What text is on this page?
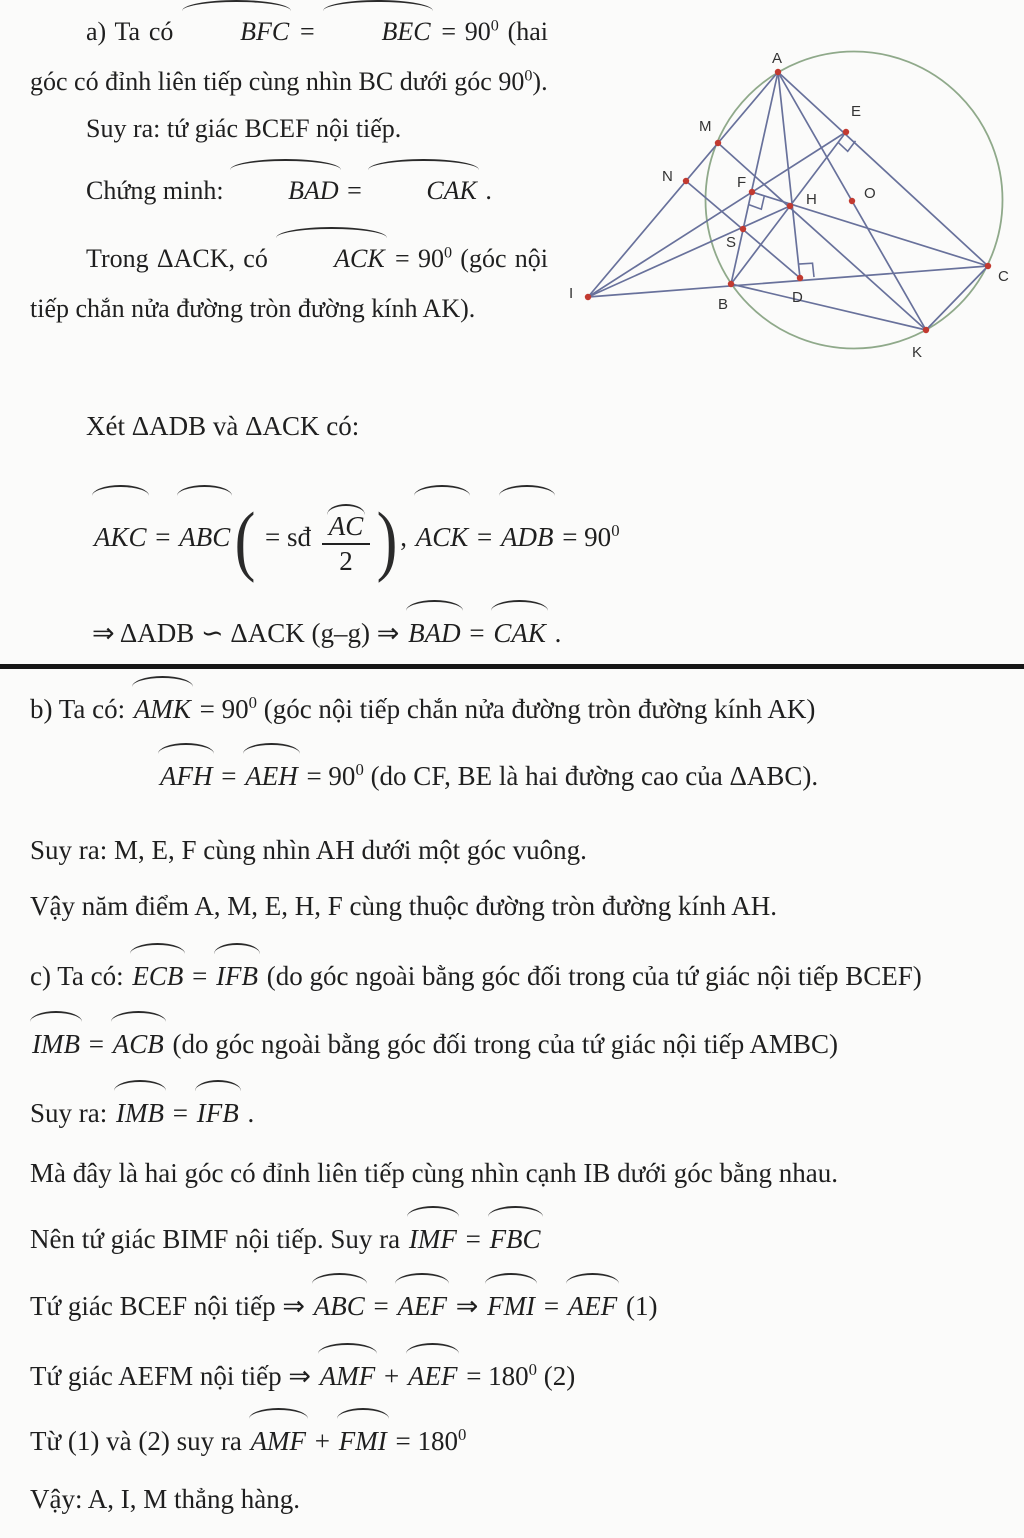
a) Ta có BFC = BEC = $90^0$ (hai góc có đỉnh liên tiếp cùng nhìn BC dưới góc $90^0$).
Suy ra: tứ giác BCEF nội tiếp.
Chứng minh: BAD = CAK .
Trong ΔACK, có ACK = $90^0$ (góc nội tiếp chắn nửa đường tròn đường kính AK).
Xét ΔADB và ΔACK có:
AKC = ABC( = sđ $\frac{AC}{2}$ ), ACK = ADB = $90^0$
⇒ ΔADB ∽ ΔACK (g–g) ⇒ BAD = CAK .
A
M
N
E
F
H	O
S
B	D
C
K
I
b) Ta có: AMK = $90^0$ (góc nội tiếp chắn nửa đường tròn đường kính AK)
AFH = AEH = $90^0$ (do CF, BE là hai đường cao của ΔABC).
Suy ra: M, E, F cùng nhìn AH dưới một góc vuông.
Vậy năm điểm A, M, E, H, F cùng thuộc đường tròn đường kính AH.
c) Ta có: ECB = IFB (do góc ngoài bằng góc đối trong của tứ giác nội tiếp BCEF)
IMB = ACB (do góc ngoài bằng góc đối trong của tứ giác nội tiếp AMBC)
Suy ra: IMB = IFB .
Mà đây là hai góc có đỉnh liên tiếp cùng nhìn cạnh IB dưới góc bằng nhau.
Nên tứ giác BIMF nội tiếp. Suy ra IMF = FBC
Tứ giác BCEF nội tiếp ⇒ ABC = AEF ⇒ FMI = AEF (1)
Tứ giác AEFM nội tiếp ⇒ AMF + AEF = $180^0$ (2)
Từ (1) và (2) suy ra AMF + FMI = $180^0$
Vậy: A, I, M thẳng hàng.
